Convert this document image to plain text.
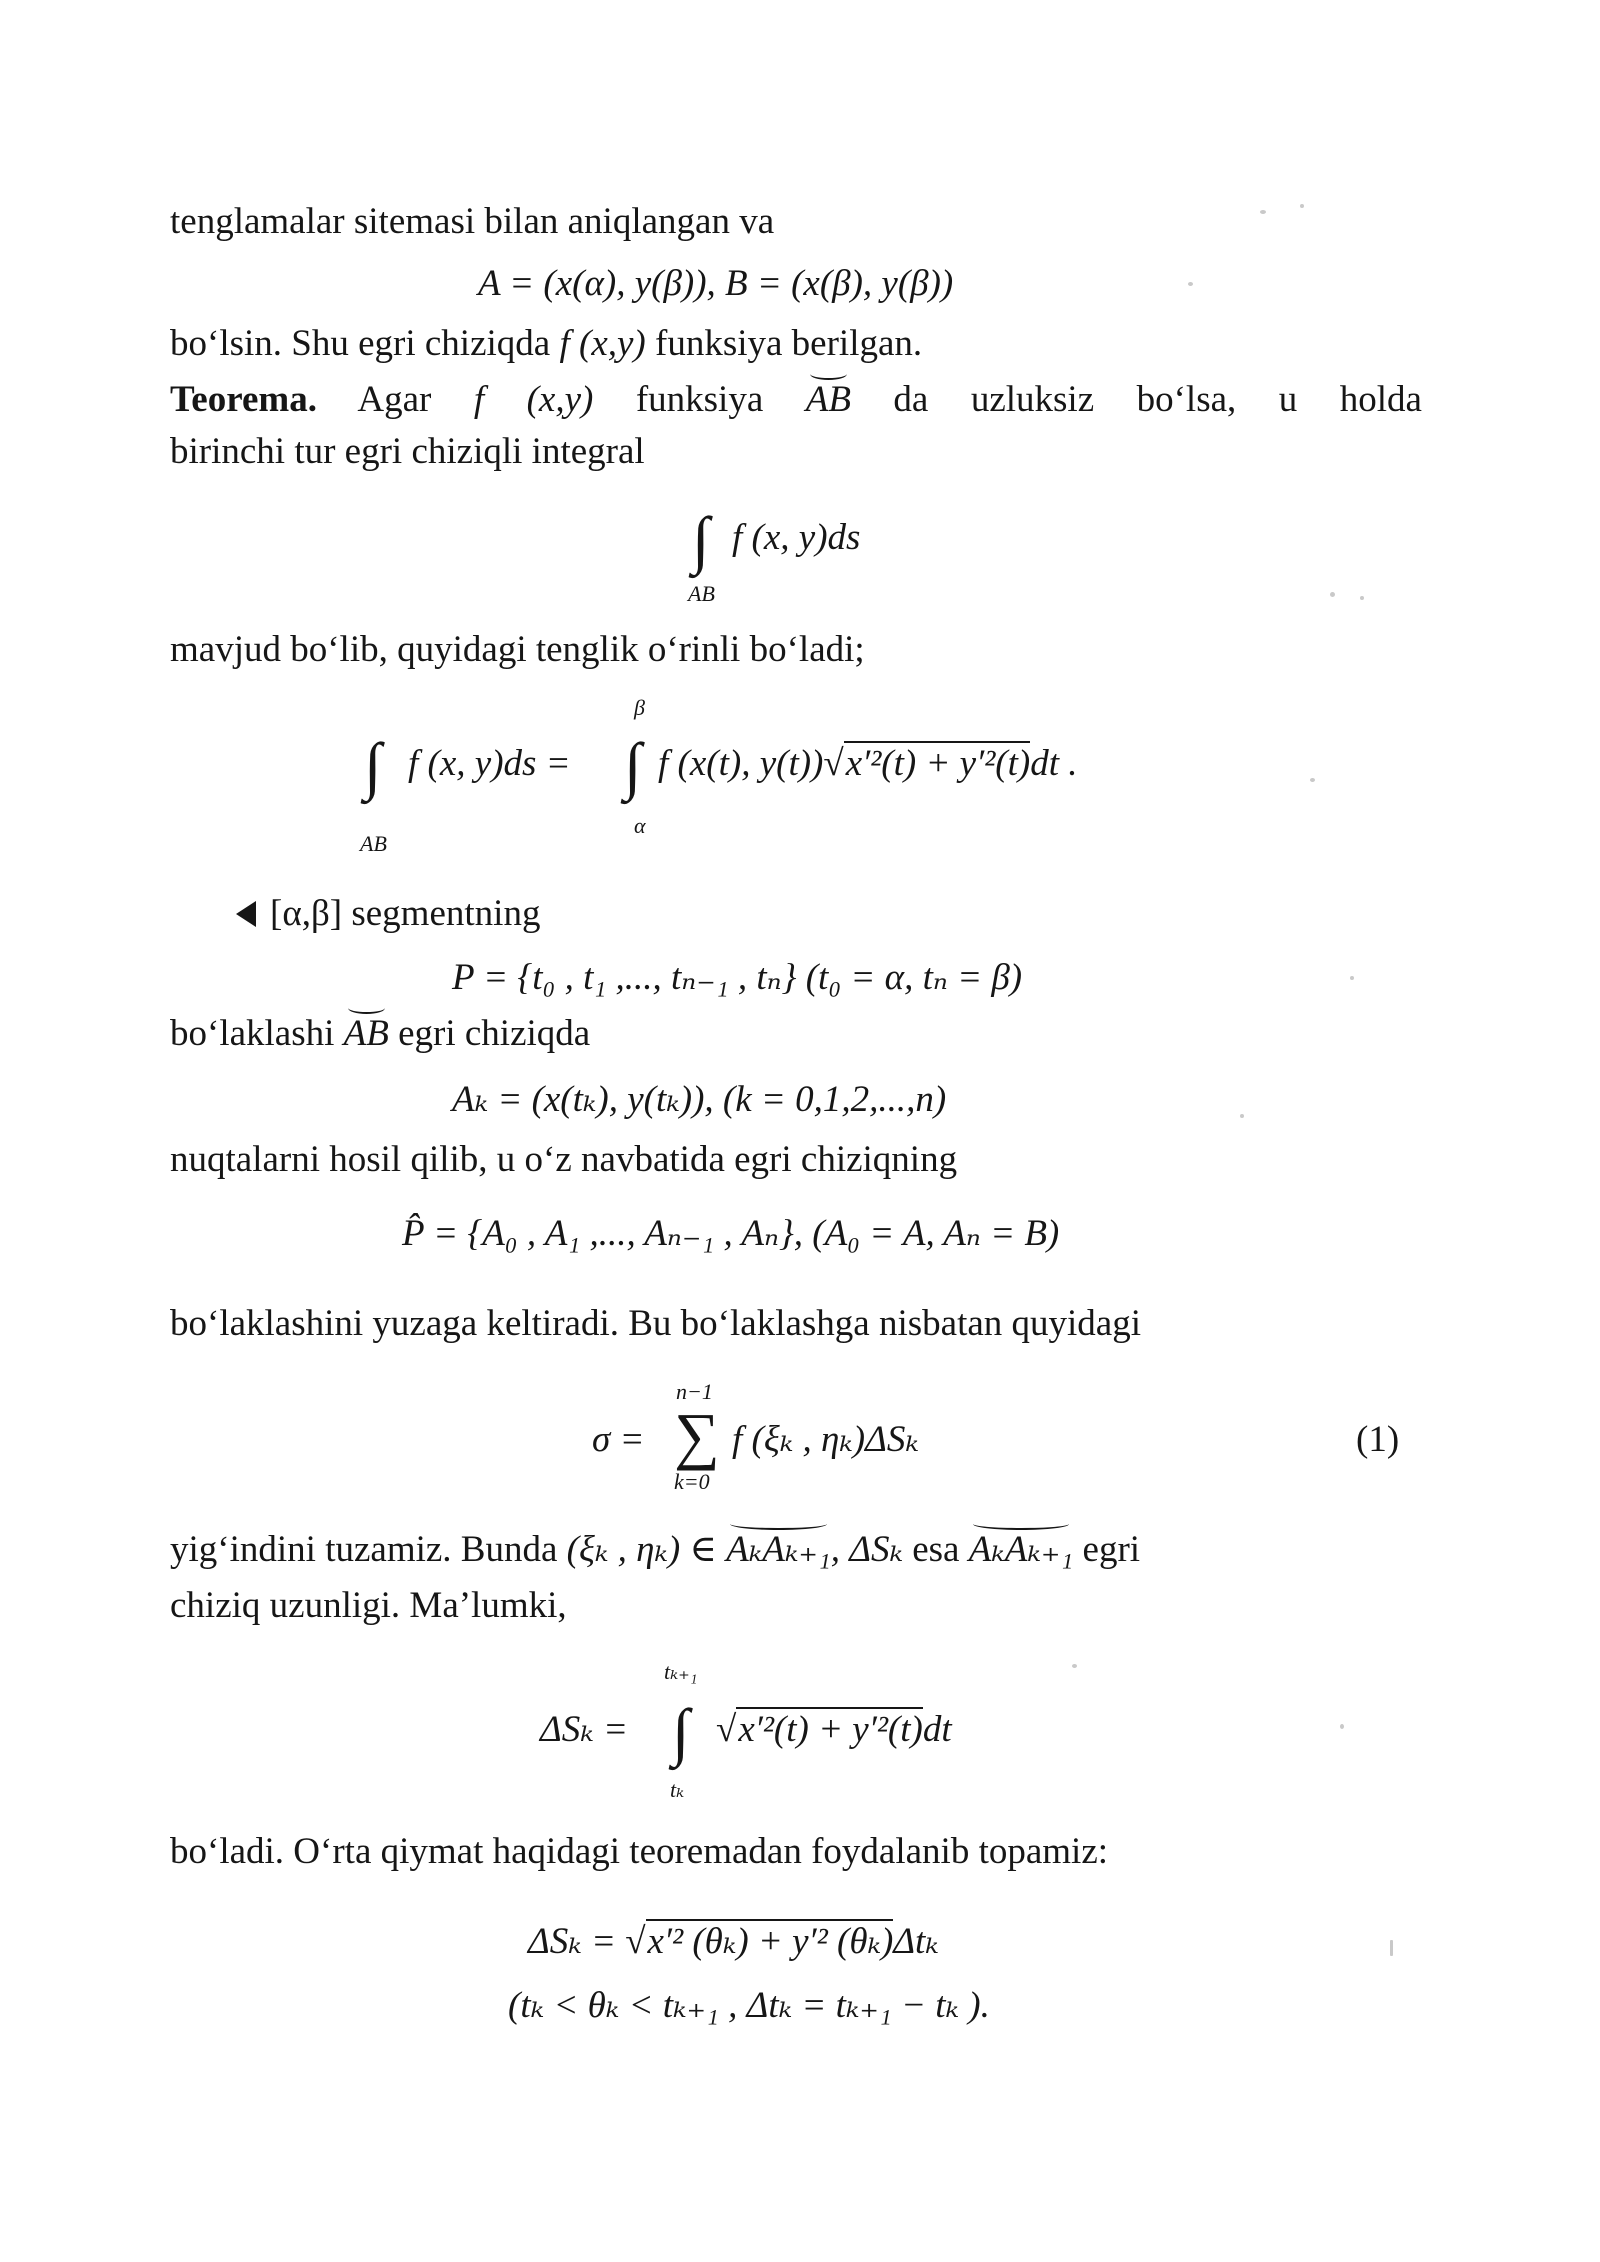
tenglamalar sitemasi bilan aniqlangan va
A = (x(α), y(β)), B = (x(β), y(β))
bo‘lsin. Shu egri chiziqda f (x,y) funksiya berilgan.
Teorema. Agar f (x,y) funksiya AB da uzluksiz bo‘lsa, u holda
birinchi tur egri chiziqli integral
∫ f (x, y)ds
AB
mavjud bo‘lib, quyidagi tenglik o‘rinli bo‘ladi;
∫
AB
f (x, y)ds =
β
∫
α
f (x(t), y(t))√x′²(t) + y′²(t)dt .
[α,β] segmentning
P = {t₀ , t₁ ,..., tₙ₋₁ , tₙ} (t₀ = α, tₙ = β)
bo‘laklashi AB egri chiziqda
Aₖ = (x(tₖ), y(tₖ)), (k = 0,1,2,...,n)
nuqtalarni hosil qilib, u o‘z navbatida egri chiziqning
P̂ = {A₀ , A₁ ,..., Aₙ₋₁ , Aₙ}, (A₀ = A, Aₙ = B)
bo‘laklashini yuzaga keltiradi. Bu bo‘laklashga nisbatan quyidagi
σ =
n−1
∑
k=0
f (ξₖ , ηₖ)ΔSₖ	(1)
yig‘indini tuzamiz. Bunda (ξₖ , ηₖ) ∈ AₖAₖ₊₁, ΔSₖ esa AₖAₖ₊₁ egri
chiziq uzunligi. Ma’lumki,
ΔSₖ =
tₖ₊₁
∫
tₖ
√x′²(t) + y′²(t)dt
bo‘ladi. O‘rta qiymat haqidagi teoremadan foydalanib topamiz:
ΔSₖ = √x′² (θₖ) + y′² (θₖ)Δtₖ
(tₖ < θₖ < tₖ₊₁ , Δtₖ = tₖ₊₁ − tₖ ).
